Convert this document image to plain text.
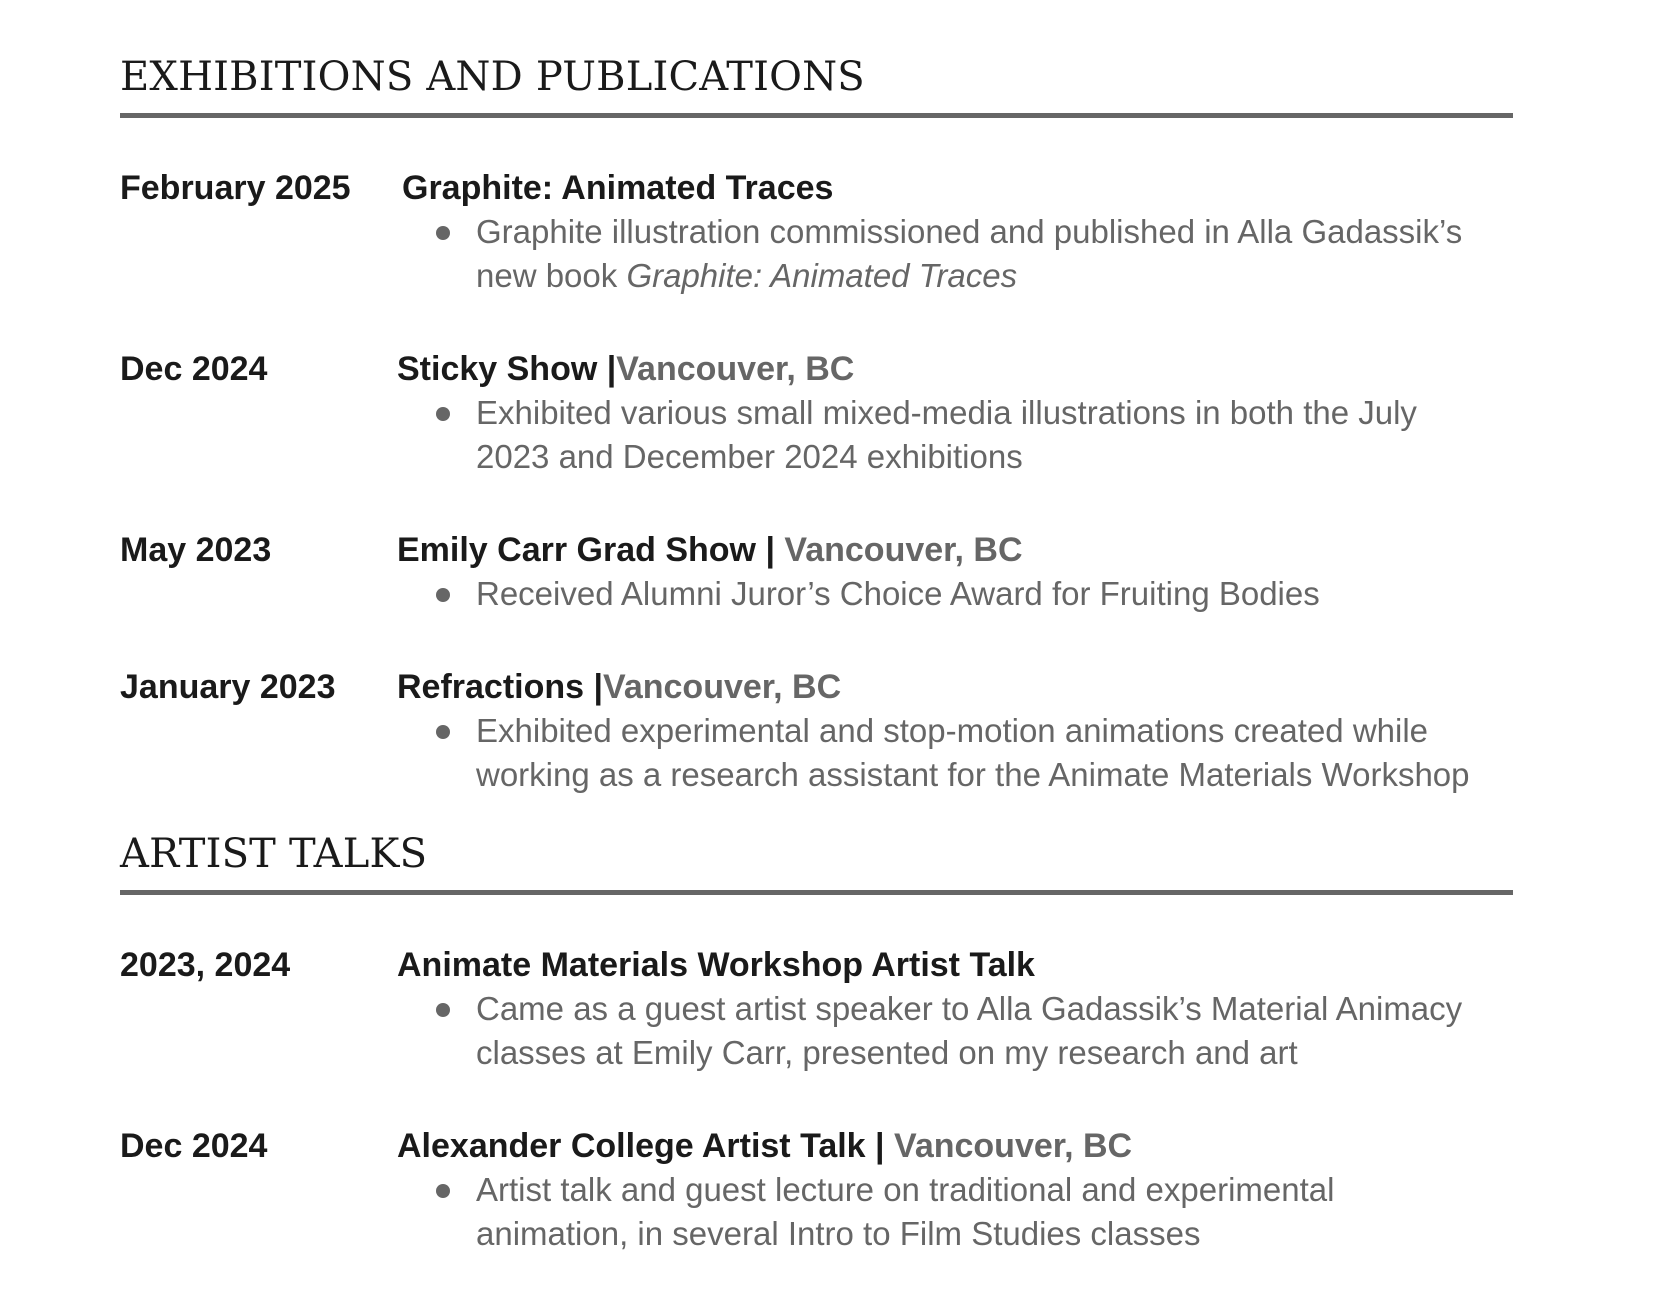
EXHIBITIONS AND PUBLICATIONS
February 2025 Graphite: Animated Traces
Graphite illustration commissioned and published in Alla Gadassik’s
new book Graphite: Animated Traces
Dec 2024	Sticky Show |Vancouver, BC
Exhibited various small mixed-media illustrations in both the July
2023 and December 2024 exhibitions
May 2023	Emily Carr Grad Show | Vancouver, BC
Received Alumni Juror’s Choice Award for Fruiting Bodies
January 2023 Refractions |Vancouver, BC
Exhibited experimental and stop-motion animations created while
working as a research assistant for the Animate Materials Workshop
ARTIST TALKS
2023, 2024	Animate Materials Workshop Artist Talk
Came as a guest artist speaker to Alla Gadassik’s Material Animacy
classes at Emily Carr, presented on my research and art
Dec 2024	Alexander College Artist Talk | Vancouver, BC
Artist talk and guest lecture on traditional and experimental
animation, in several Intro to Film Studies classes
